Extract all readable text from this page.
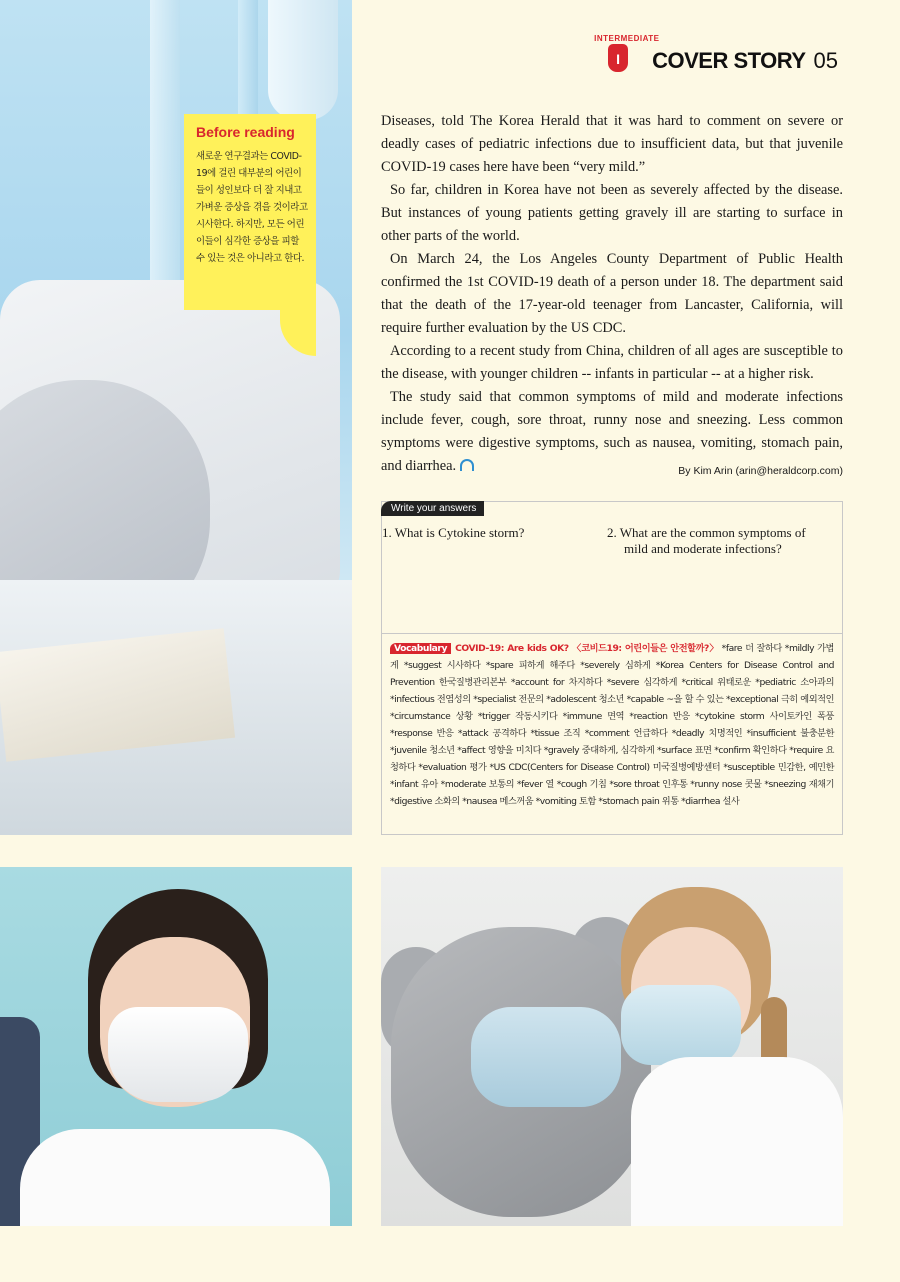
Before reading

새로운 연구결과는 COVID-19에 걸린 대부분의 어린이들이 성인보다 더 잘 지내고 가벼운 증상을 겪을 것이라고 시사한다. 하지만, 모든 어린이들이 심각한 증상을 피할 수 있는 것은 아니라고 한다.

INTERMEDIATE
I	COVER STORY 05

Diseases, told The Korea Herald that it was hard to comment on severe or deadly cases of pediatric infections due to insufficient data, but that juvenile COVID-19 cases here have been “very mild.”

So far, children in Korea have not been as severely affected by the disease. But instances of young patients getting gravely ill are starting to surface in other parts of the world.

On March 24, the Los Angeles County Department of Public Health confirmed the 1st COVID-19 death of a person under 18. The department said that the death of the 17-year-old teenager from Lancaster, California, will require further evaluation by the US CDC.

According to a recent study from China, children of all ages are susceptible to the disease, with younger children -- infants in particular -- at a higher risk.

The study said that common symptoms of mild and moderate infections include fever, cough, sore throat, runny nose and sneezing. Less common symptoms were digestive symptoms, such as nausea, vomiting, stomach pain, and diarrhea.	By Kim Arin (arin@heraldcorp.com)

Write your answers
1. What is Cytokine storm?	2. What are the common symptoms of
mild and moderate infections?

Vocabulary COVID-19: Are kids OK? 〈코비드19: 어린이들은 안전할까?〉 *fare 더 잘하다 *mildly 가볍게 *suggest 시사하다 *spare 피하게 해주다 *severely 심하게 *Korea Centers for Disease Control and Prevention 한국질병관리본부 *account for 차지하다 *severe 심각하게 *critical 위태로운 *pediatric 소아과의 *infectious 전염성의 *specialist 전문의 *adolescent 청소년 *capable ~을 할 수 있는 *exceptional 극히 예외적인 *circumstance 상황 *trigger 작동시키다 *immune 면역 *reaction 반응 *cytokine storm 사이토카인 폭풍 *response 반응 *attack 공격하다 *tissue 조직 *comment 언급하다 *deadly 치명적인 *insufficient 불충분한 *juvenile 청소년 *affect 영향을 미치다 *gravely 중대하게, 심각하게 *surface 표면 *confirm 확인하다 *require 요청하다 *evaluation 평가 *US CDC(Centers for Disease Control) 미국질병예방센터 *susceptible 민감한, 예민한 *infant 유아 *moderate 보통의 *fever 열 *cough 기침 *sore throat 인후통 *runny nose 콧물 *sneezing 재채기 *digestive 소화의 *nausea 메스꺼움 *vomiting 토함 *stomach pain 위통 *diarrhea 설사
